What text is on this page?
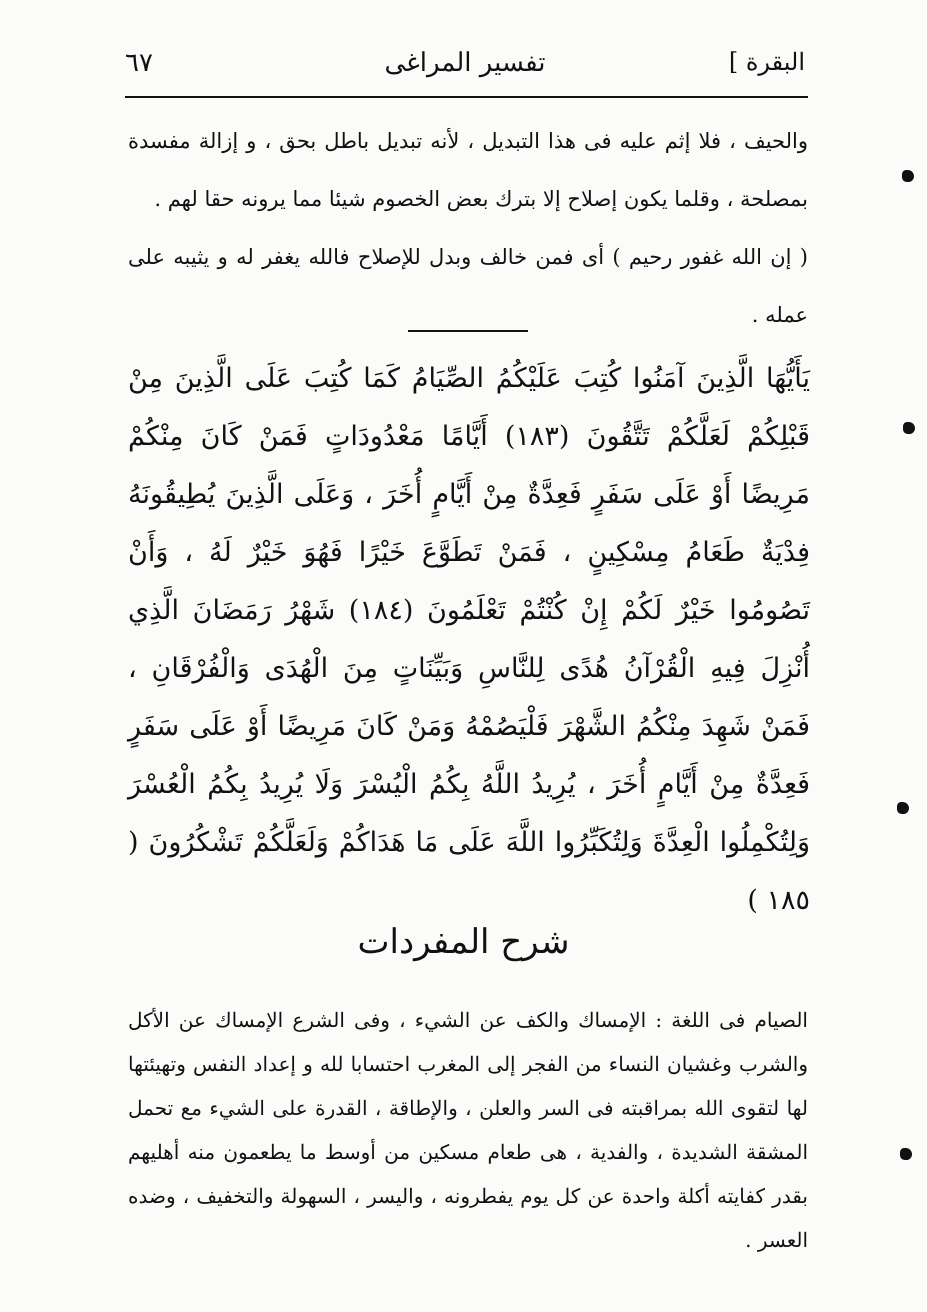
البقرة ]
تفسير المراغى
٦٧

والحيف ، فلا إثم عليه فى هذا التبديل ، لأنه تبديل باطل بحق ، و إزالة مفسدة بمصلحة ، وقلما يكون إصلاح إلا بترك بعض الخصوم شيئا مما يرونه حقا لهم .

( إن الله غفور رحيم ) أى فمن خالف وبدل للإصلاح فالله يغفر له و يثيبه على عمله .

يَأَيُّهَا الَّذِينَ آمَنُوا كُتِبَ عَلَيْكُمُ الصِّيَامُ كَمَا كُتِبَ عَلَى الَّذِينَ مِنْ قَبْلِكُمْ لَعَلَّكُمْ تَتَّقُونَ (١٨٣) أَيَّامًا مَعْدُودَاتٍ فَمَنْ كَانَ مِنْكُمْ مَرِيضًا أَوْ عَلَى سَفَرٍ فَعِدَّةٌ مِنْ أَيَّامٍ أُخَرَ ، وَعَلَى الَّذِينَ يُطِيقُونَهُ فِدْيَةٌ طَعَامُ مِسْكِينٍ ، فَمَنْ تَطَوَّعَ خَيْرًا فَهُوَ خَيْرٌ لَهُ ، وَأَنْ تَصُومُوا خَيْرٌ لَكُمْ إِنْ كُنْتُمْ تَعْلَمُونَ (١٨٤) شَهْرُ رَمَضَانَ الَّذِي أُنْزِلَ فِيهِ الْقُرْآنُ هُدًى لِلنَّاسِ وَبَيِّنَاتٍ مِنَ الْهُدَى وَالْفُرْقَانِ ، فَمَنْ شَهِدَ مِنْكُمُ الشَّهْرَ فَلْيَصُمْهُ وَمَنْ كَانَ مَرِيضًا أَوْ عَلَى سَفَرٍ فَعِدَّةٌ مِنْ أَيَّامٍ أُخَرَ ، يُرِيدُ اللَّهُ بِكُمُ الْيُسْرَ وَلَا يُرِيدُ بِكُمُ الْعُسْرَ وَلِتُكْمِلُوا الْعِدَّةَ وَلِتُكَبِّرُوا اللَّهَ عَلَى مَا هَدَاكُمْ وَلَعَلَّكُمْ تَشْكُرُونَ ( ١٨٥ )
شرح المفردات

الصيام فى اللغة : الإمساك والكف عن الشيء ، وفى الشرع الإمساك عن الأكل والشرب وغشيان النساء من الفجر إلى المغرب احتسابا لله و إعداد النفس وتهيئتها لها لتقوى الله بمراقبته فى السر والعلن ، والإطاقة ، القدرة على الشيء مع تحمل المشقة الشديدة ، والفدية ، هى طعام مسكين من أوسط ما يطعمون منه أهليهم بقدر كفايته أكلة واحدة عن كل يوم يفطرونه ، واليسر ، السهولة والتخفيف ، وضده العسر .
